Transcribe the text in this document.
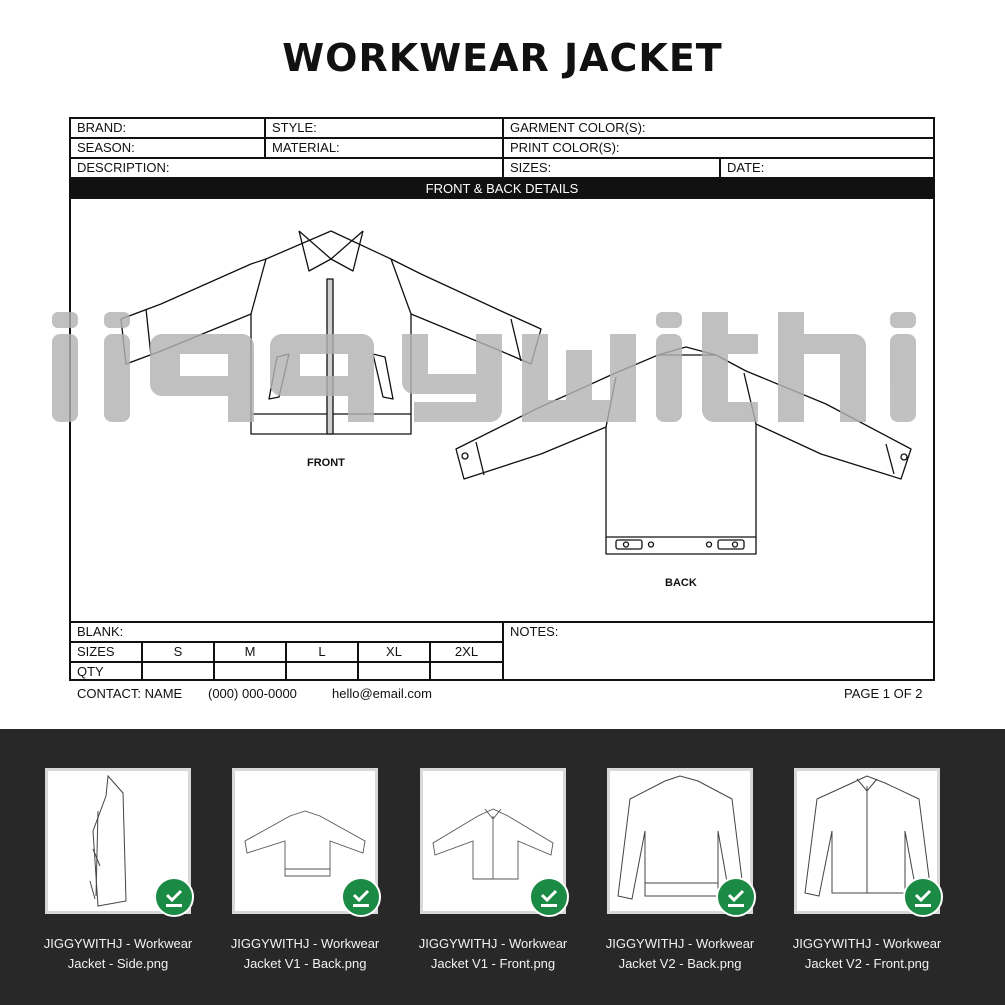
WORKWEAR JACKET
BRAND:	STYLE:	GARMENT COLOR(S):
SEASON:	MATERIAL:	PRINT COLOR(S):
DESCRIPTION:	SIZES:	DATE:
FRONT & BACK DETAILS
FRONT
BACK
BLANK:	NOTES:
SIZES	S	M	L	XL	2XL
QTY
CONTACT: NAME (000) 000-0000	hello@email.com	PAGE 1 OF 2
JIGGYWITHJ - Workwear
Jacket - Side.png
JIGGYWITHJ - Workwear
Jacket V1 - Back.png
JIGGYWITHJ - Workwear
Jacket V1 - Front.png
JIGGYWITHJ - Workwear
Jacket V2 - Back.png
JIGGYWITHJ - Workwear
Jacket V2 - Front.png
